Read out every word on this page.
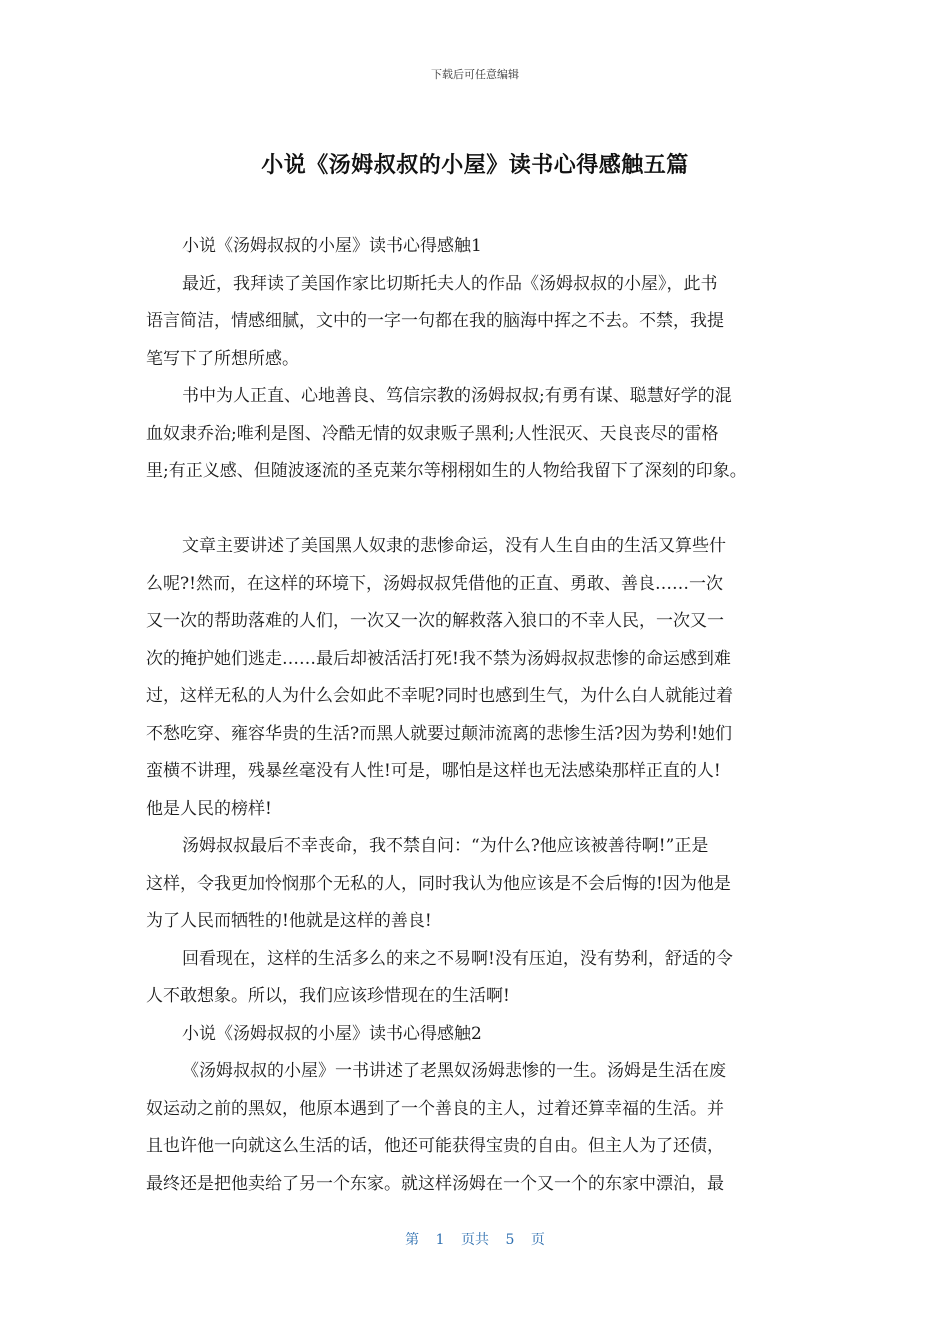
下载后可任意编辑
小说《汤姆叔叔的小屋》读书心得感触五篇
小说《汤姆叔叔的小屋》读书心得感触1
最近，我拜读了美国作家比切斯托夫人的作品《汤姆叔叔的小屋》，此书
语言简洁，情感细腻，文中的一字一句都在我的脑海中挥之不去。不禁，我提
笔写下了所想所感。
书中为人正直、心地善良、笃信宗教的汤姆叔叔;有勇有谋、聪慧好学的混
血奴隶乔治;唯利是图、冷酷无情的奴隶贩子黑利;人性泯灭、天良丧尽的雷格
里;有正义感、但随波逐流的圣克莱尔等栩栩如生的人物给我留下了深刻的印象。
文章主要讲述了美国黑人奴隶的悲惨命运，没有人生自由的生活又算些什
么呢?!然而，在这样的环境下，汤姆叔叔凭借他的正直、勇敢、善良……一次
又一次的帮助落难的人们，一次又一次的解救落入狼口的不幸人民，一次又一
次的掩护她们逃走……最后却被活活打死!我不禁为汤姆叔叔悲惨的命运感到难
过，这样无私的人为什么会如此不幸呢?同时也感到生气，为什么白人就能过着
不愁吃穿、雍容华贵的生活?而黑人就要过颠沛流离的悲惨生活?因为势利!她们
蛮横不讲理，残暴丝毫没有人性!可是，哪怕是这样也无法感染那样正直的人!
他是人民的榜样!
汤姆叔叔最后不幸丧命，我不禁自问：“为什么?他应该被善待啊!”正是
这样，令我更加怜悯那个无私的人，同时我认为他应该是不会后悔的!因为他是
为了人民而牺牲的!他就是这样的善良!
回看现在，这样的生活多么的来之不易啊!没有压迫，没有势利，舒适的令
人不敢想象。所以，我们应该珍惜现在的生活啊!
小说《汤姆叔叔的小屋》读书心得感触2
《汤姆叔叔的小屋》一书讲述了老黑奴汤姆悲惨的一生。汤姆是生活在废
奴运动之前的黑奴，他原本遇到了一个善良的主人，过着还算幸福的生活。并
且也许他一向就这么生活的话，他还可能获得宝贵的自由。但主人为了还债，
最终还是把他卖给了另一个东家。就这样汤姆在一个又一个的东家中漂泊，最
第 1 页共 5 页
